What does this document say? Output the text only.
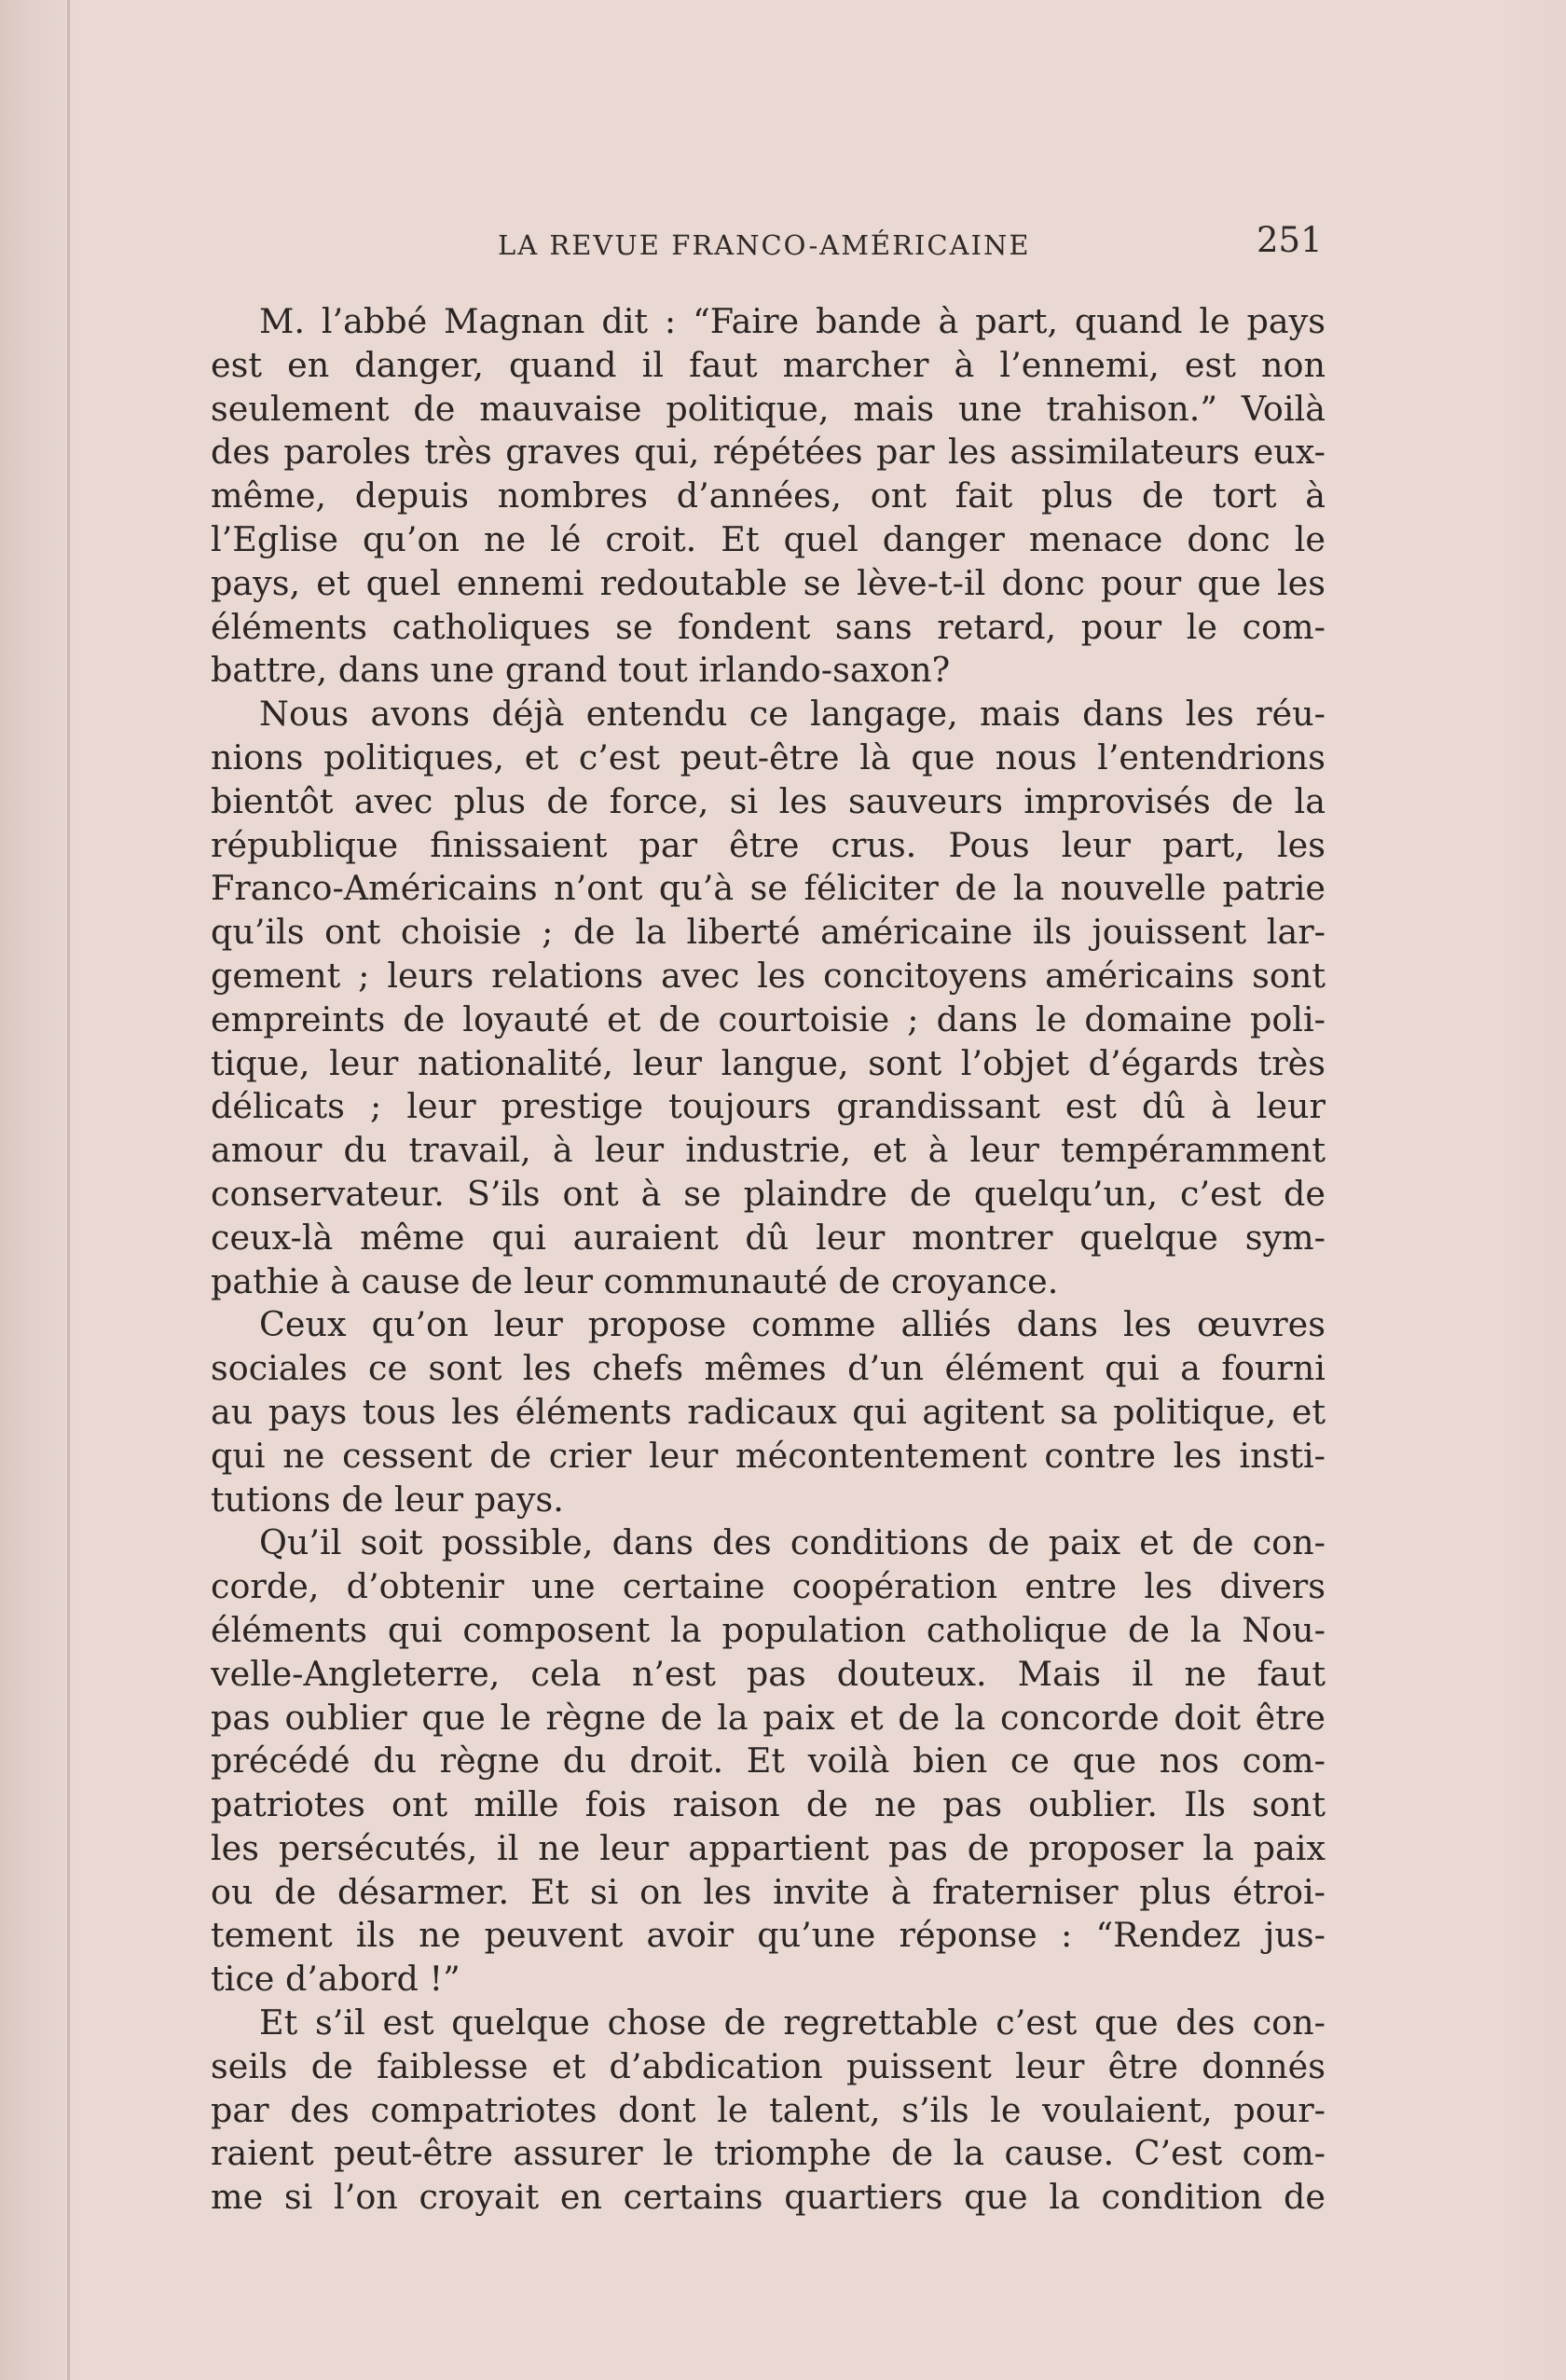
LA REVUE FRANCO-AMÉRICAINE	251
M. l’abbé Magnan dit : “Faire bande à part, quand le pays
est en danger, quand il faut marcher à l’ennemi, est non
seulement de mauvaise politique, mais une trahison.” Voilà
des paroles très graves qui, répétées par les assimilateurs eux-
même, depuis nombres d’années, ont fait plus de tort à
l’Eglise qu’on ne lé croit. Et quel danger menace donc le
pays, et quel ennemi redoutable se lève-t-il donc pour que les
éléments catholiques se fondent sans retard, pour le com-
battre, dans une grand tout irlando-saxon?
Nous avons déjà entendu ce langage, mais dans les réu-
nions politiques, et c’est peut-être là que nous l’entendrions
bientôt avec plus de force, si les sauveurs improvisés de la
république finissaient par être crus. Pous leur part, les
Franco-Américains n’ont qu’à se féliciter de la nouvelle patrie
qu’ils ont choisie ; de la liberté américaine ils jouissent lar-
gement ; leurs relations avec les concitoyens américains sont
empreints de loyauté et de courtoisie ; dans le domaine poli-
tique, leur nationalité, leur langue, sont l’objet d’égards très
délicats ; leur prestige toujours grandissant est dû à leur
amour du travail, à leur industrie, et à leur tempéramment
conservateur. S’ils ont à se plaindre de quelqu’un, c’est de
ceux-là même qui auraient dû leur montrer quelque sym-
pathie à cause de leur communauté de croyance.
Ceux qu’on leur propose comme alliés dans les œuvres
sociales ce sont les chefs mêmes d’un élément qui a fourni
au pays tous les éléments radicaux qui agitent sa politique, et
qui ne cessent de crier leur mécontentement contre les insti-
tutions de leur pays.
Qu’il soit possible, dans des conditions de paix et de con-
corde, d’obtenir une certaine coopération entre les divers
éléments qui composent la population catholique de la Nou-
velle-Angleterre, cela n’est pas douteux. Mais il ne faut
pas oublier que le règne de la paix et de la concorde doit être
précédé du règne du droit. Et voilà bien ce que nos com-
patriotes ont mille fois raison de ne pas oublier. Ils sont
les persécutés, il ne leur appartient pas de proposer la paix
ou de désarmer. Et si on les invite à fraterniser plus étroi-
tement ils ne peuvent avoir qu’une réponse : “Rendez jus-
tice d’abord !”
Et s’il est quelque chose de regrettable c’est que des con-
seils de faiblesse et d’abdication puissent leur être donnés
par des compatriotes dont le talent, s’ils le voulaient, pour-
raient peut-être assurer le triomphe de la cause. C’est com-
me si l’on croyait en certains quartiers que la condition de
